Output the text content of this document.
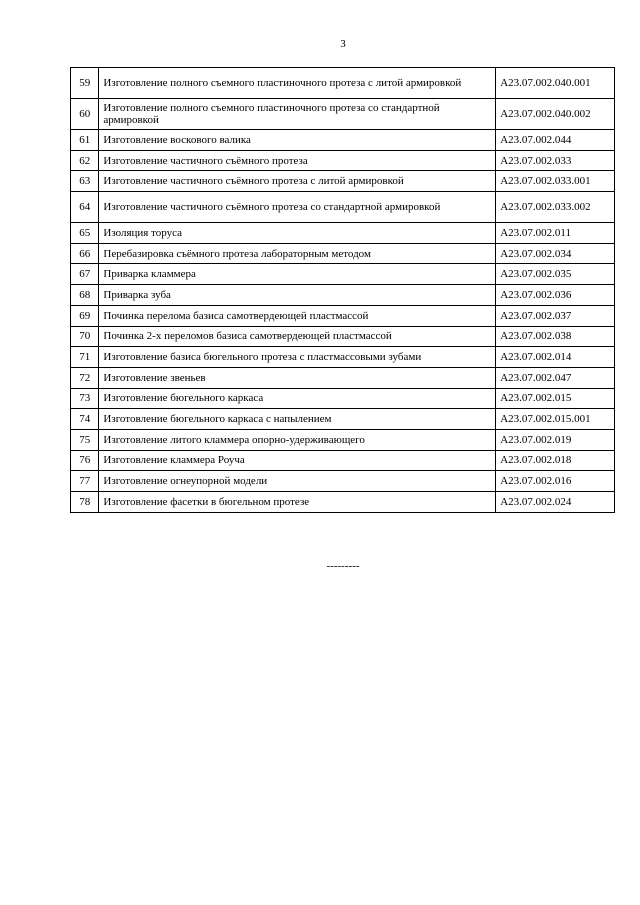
3
59	Изготовление полного съемного пластиночного протеза с литой армировкой	А23.07.002.040.001
60	Изготовление полного съемного пластиночного протеза со стандартной армировкой	А23.07.002.040.002
61	Изготовление воскового валика	А23.07.002.044
62	Изготовление частичного съёмного протеза	А23.07.002.033
63	Изготовление частичного съёмного протеза с литой армировкой	А23.07.002.033.001
64	Изготовление частичного съёмного протеза со стандартной армировкой	А23.07.002.033.002
65	Изоляция торуса	А23.07.002.011
66	Перебазировка съёмного протеза лабораторным методом	А23.07.002.034
67	Приварка кламмера	А23.07.002.035
68	Приварка зуба	А23.07.002.036
69	Починка перелома базиса самотвердеющей пластмассой	А23.07.002.037
70	Починка 2-х переломов базиса самотвердеющей пластмассой	А23.07.002.038
71	Изготовление базиса бюгельного протеза с пластмассовыми зубами	А23.07.002.014
72	Изготовление звеньев	А23.07.002.047
73	Изготовление бюгельного каркаса	А23.07.002.015
74	Изготовление бюгельного каркаса с напылением	А23.07.002.015.001
75	Изготовление литого кламмера опорно-удерживающего	А23.07.002.019
76	Изготовление кламмера Роуча	А23.07.002.018
77	Изготовление огнеупорной модели	А23.07.002.016
78	Изготовление фасетки в бюгельном протезе	А23.07.002.024
---------
